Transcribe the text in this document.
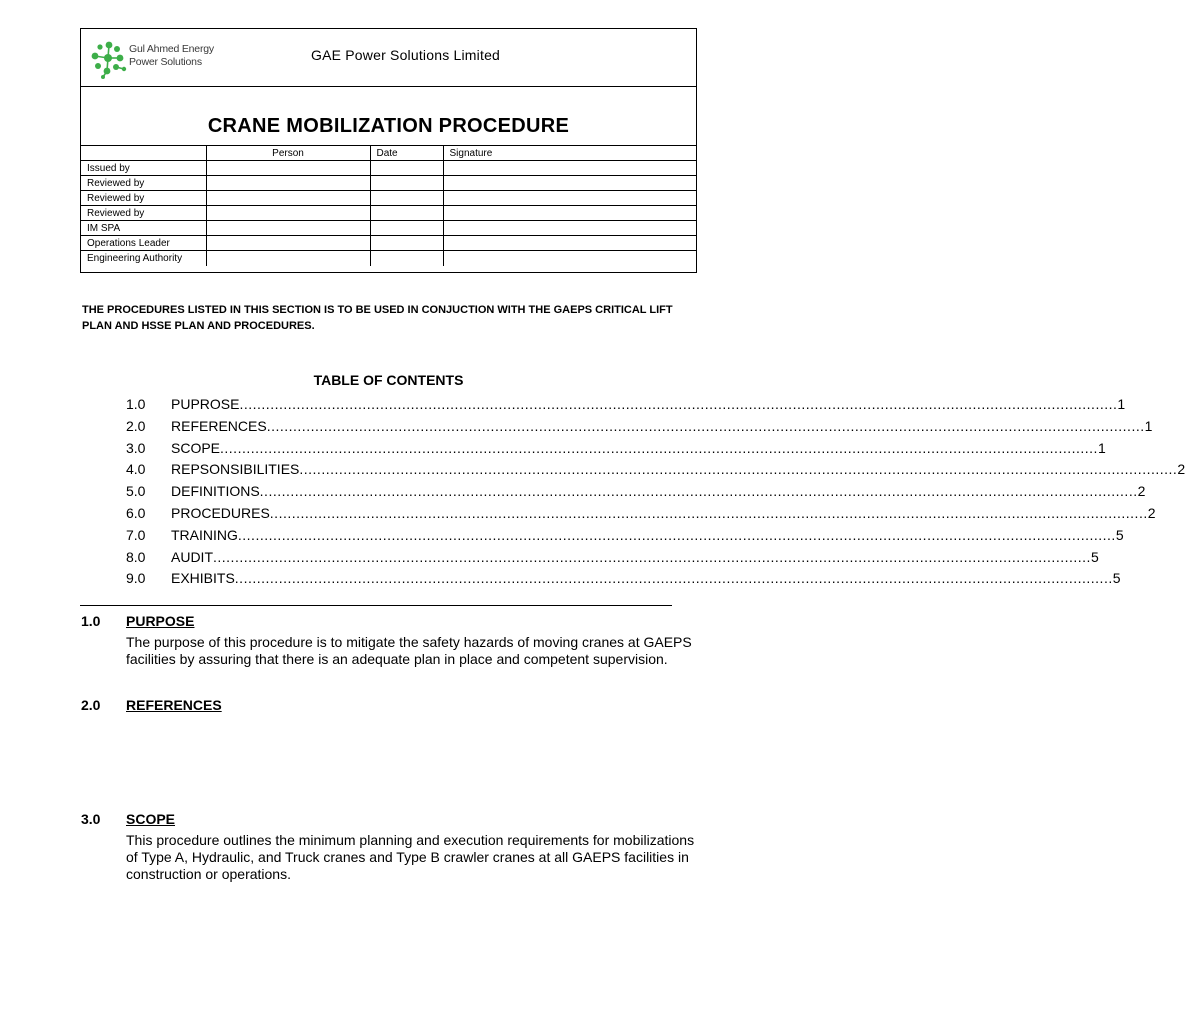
Gul Ahmed Energy
Power Solutions	GAE Power Solutions Limited
CRANE MOBILIZATION PROCEDURE
	Person	Date	Signature
Issued by			
Reviewed by			
Reviewed by			
Reviewed by			
IM SPA			
Operations Leader			
Engineering Authority			
THE PROCEDURES LISTED IN THIS SECTION IS TO BE USED IN CONJUCTION WITH THE GAEPS CRITICAL LIFT PLAN AND HSSE PLAN AND PROCEDURES.
TABLE OF CONTENTS
1.0	PUPROSE ........................................................................................................................................................................................................ 1
2.0	REFERENCES ........................................................................................................................................................................................................ 1
3.0	SCOPE ........................................................................................................................................................................................................ 1
4.0	REPSONSIBILITIES ........................................................................................................................................................................................................ 2
5.0	DEFINITIONS ........................................................................................................................................................................................................ 2
6.0	PROCEDURES ........................................................................................................................................................................................................ 2
7.0	TRAINING ........................................................................................................................................................................................................ 5
8.0	AUDIT ........................................................................................................................................................................................................ 5
9.0	EXHIBITS ........................................................................................................................................................................................................ 5
1.0 PURPOSE
The purpose of this procedure is to mitigate the safety hazards of moving cranes at GAEPS facilities by assuring that there is an adequate plan in place and competent supervision.
2.0 REFERENCES
3.0 SCOPE
This procedure outlines the minimum planning and execution requirements for mobilizations of Type A, Hydraulic, and Truck cranes and Type B crawler cranes at all GAEPS facilities in construction or operations.
